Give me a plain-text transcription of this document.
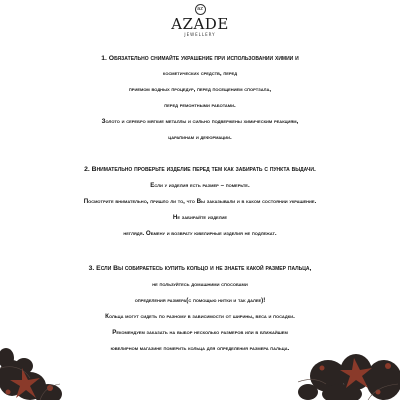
az
AZADE
JEWELLERY
1. Обязательно снимайте украшение при использовании химии и
косметических средств, перед
приемом водных процедур, перед посещением спортзала,
перед ремонтными работами.
Золото и серебро мягкие металлы и сильно подвержены химическим реакциям,
царапинам и деформации.
2. Внимательно проверьте изделие перед тем как забирать с пункта выдачи.
Если у изделия есть размер – померьте.
Посмотрите внимательно, пришло ли то, что Вы заказывали и в каком состоянии украшение.
Не забирайте изделие
неглядя. Обмену и возврату ювелирные изделия не подлежат.
3. Если Вы собираетесь купить кольцо и не знаете какой размер пальца,
не пользуйтесь домашними способами
определения размера(с помощью нитки и так далее)!
Кольца могут сидеть по разному в зависимости от ширины, веса и посадки.
Рекомендуем заказать на выбор несколько размеров или в ближайшем
ювелирном магазине померить кольца для определения размера пальца.
